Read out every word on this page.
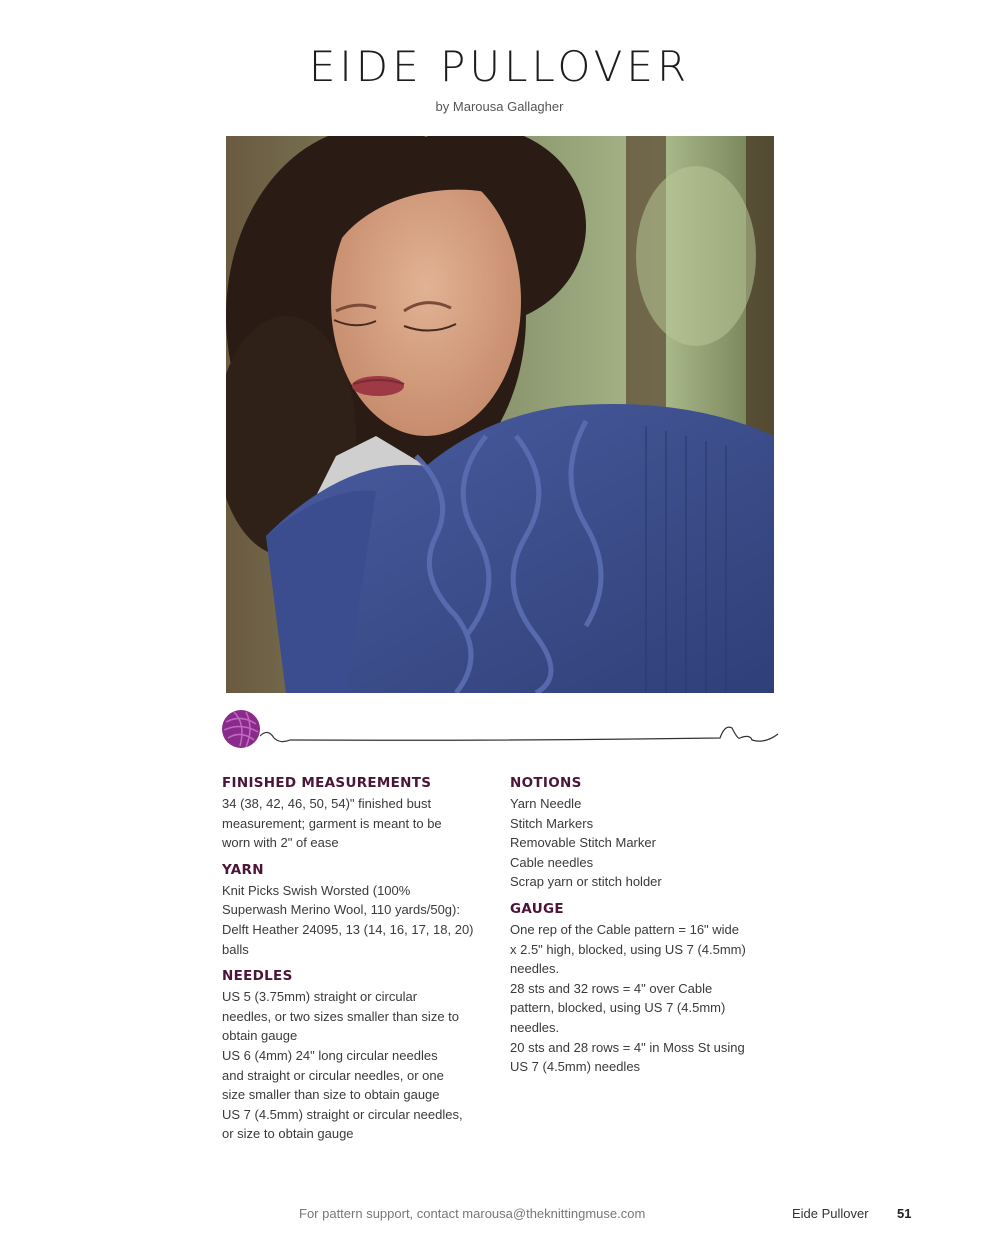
EIDE PULLOVER
by Marousa Gallagher
FINISHED MEASUREMENTS

34 (38, 42, 46, 50, 54)" finished bust

measurement; garment is meant to be

worn with 2" of ease

YARN

Knit Picks Swish Worsted (100%

Superwash Merino Wool, 110 yards/50g):

Delft Heather 24095, 13 (14, 16, 17, 18, 20)

balls

NEEDLES

US 5 (3.75mm) straight or circular

needles, or two sizes smaller than size to

obtain gauge

US 6 (4mm) 24" long circular needles

and straight or circular needles, or one

size smaller than size to obtain gauge

US 7 (4.5mm) straight or circular needles,

or size to obtain gauge

NOTIONS

Yarn Needle

Stitch Markers

Removable Stitch Marker

Cable needles

Scrap yarn or stitch holder

GAUGE

One rep of the Cable pattern = 16" wide

x 2.5" high, blocked, using US 7 (4.5mm)

needles.

28 sts and 32 rows = 4" over Cable

pattern, blocked, using US 7 (4.5mm)

needles.

20 sts and 28 rows = 4" in Moss St using

US 7 (4.5mm) needles

For pattern support, contact marousa@theknittingmuse.com	Eide Pullover 51
